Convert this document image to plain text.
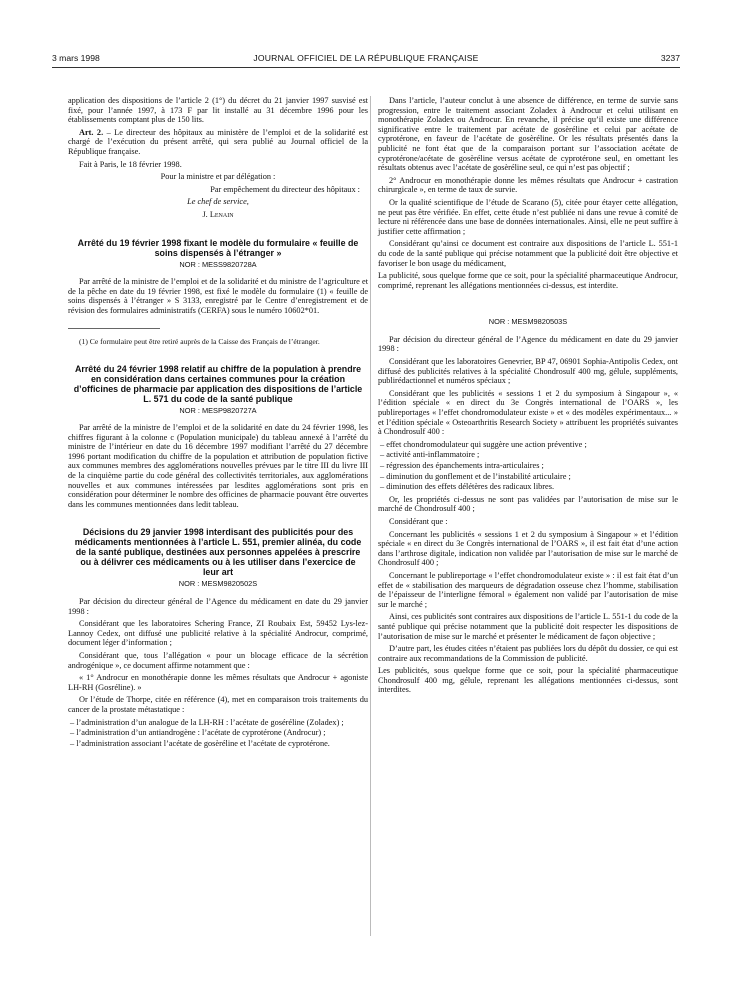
3 mars 1998	JOURNAL OFFICIEL DE LA RÉPUBLIQUE FRANÇAISE	3237

application des dispositions de l’article 2 (1°) du décret du 21 janvier 1997 susvisé est fixé, pour l’année 1997, à 173 F par lit installé au 31 décembre 1996 pour les établissements comptant plus de 150 lits.

Art. 2. – Le directeur des hôpitaux au ministère de l’emploi et de la solidarité est chargé de l’exécution du présent arrêté, qui sera publié au Journal officiel de la République française.

Fait à Paris, le 18 février 1998.

Pour la ministre et par délégation :

Par empêchement du directeur des hôpitaux :

Le chef de service,

J. Lenain

Arrêté du 19 février 1998 fixant le modèle du formulaire « feuille de soins dispensés à l’étranger »
NOR : MESS9820728A

Par arrêté de la ministre de l’emploi et de la solidarité et du ministre de l’agriculture et de la pêche en date du 19 février 1998, est fixé le modèle du formulaire (1) « feuille de soins dispensés à l’étranger » S 3133, enregistré par le Centre d’enregistrement et de révision des formulaires administratifs (CERFA) sous le numéro 10602*01.

(1) Ce formulaire peut être retiré auprès de la Caisse des Français de l’étranger.

Arrêté du 24 février 1998 relatif au chiffre de la population à prendre en considération dans certaines communes pour la création d’officines de pharmacie par application des dispositions de l’article L. 571 du code de la santé publique
NOR : MESP9820727A

Par arrêté de la ministre de l’emploi et de la solidarité en date du 24 février 1998, les chiffres figurant à la colonne c (Population municipale) du tableau annexé à l’arrêté du ministre de l’intérieur en date du 16 décembre 1997 modifiant l’arrêté du 27 décembre 1996 portant modification du chiffre de la population et attribution de population fictive aux communes membres des agglomérations nouvelles prévues par le titre III du livre III de la cinquième partie du code général des collectivités territoriales, aux agglomérations nouvelles et aux communes intéressées par lesdites agglomérations sont pris en considération pour déterminer le nombre des officines de pharmacie pouvant être ouvertes dans les communes mentionnées dans ledit tableau.

Décisions du 29 janvier 1998 interdisant des publicités pour des médicaments mentionnées à l’article L. 551, premier alinéa, du code de la santé publique, destinées aux personnes appelées à prescrire ou à délivrer ces médicaments ou à les utiliser dans l’exercice de leur art
NOR : MESM9820502S

Par décision du directeur général de l’Agence du médicament en date du 29 janvier 1998 :

Considérant que les laboratoires Schering France, ZI Roubaix Est, 59452 Lys-lez-Lannoy Cedex, ont diffusé une publicité relative à la spécialité Androcur, comprimé, document léger d’information ;

Considérant que, tous l’allégation « pour un blocage efficace de la sécrétion androgénique », ce document affirme notamment que :

« 1° Androcur en monothérapie donne les mêmes résultats que Androcur + agoniste LH-RH (Gosréline). »

Or l’étude de Thorpe, citée en référence (4), met en comparaison trois traitements du cancer de la prostate métastatique :

– l’administration d’un analogue de la LH-RH : l’acétate de goséréline (Zoladex) ;
– l’administration d’un antiandrogène : l’acétate de cyprotérone (Androcur) ;
– l’administration associant l’acétate de gosèréline et l’acétate de cyprotérone.

Dans l’article, l’auteur conclut à une absence de différence, en terme de survie sans progression, entre le traitement associant Zoladex à Androcur et celui utilisant en monothérapie Zoladex ou Androcur. En revanche, il précise qu’il existe une différence significative entre le traitement par acétate de gosèréline et celui par acétate de cyprotérone, en faveur de l’acétate de gosèréline. Or les résultats présentés dans la publicité ne font état que de la comparaison portant sur l’association acétate de cyprotérone/acétate de gosèréline versus acétate de cyprotérone seul, en omettant les résultats obtenus avec l’acétate de gosèréline seul, ce qui n’est pas objectif ;

2° Androcur en monothérapie donne les mêmes résultats que Androcur + castration chirurgicale », en terme de taux de survie.

Or la qualité scientifique de l’étude de Scarano (5), citée pour étayer cette allégation, ne peut pas être vérifiée. En effet, cette étude n’est publiée ni dans une revue à comité de lecture ni référencée dans une base de données internationales. Ainsi, elle ne peut suffire à justifier cette affirmation ;

Considérant qu’ainsi ce document est contraire aux dispositions de l’article L. 551-1 du code de la santé publique qui précise notamment que la publicité doit être objective et favoriser le bon usage du médicament,

La publicité, sous quelque forme que ce soit, pour la spécialité pharmaceutique Androcur, comprimé, reprenant les allégations mentionnées ci-dessus, est interdite.

NOR : MESM9820503S

Par décision du directeur général de l’Agence du médicament en date du 29 janvier 1998 :

Considérant que les laboratoires Genevrier, BP 47, 06901 Sophia-Antipolis Cedex, ont diffusé des publicités relatives à la spécialité Chondrosulf 400 mg, gélule, suppléments, publirédactionnel et numéros spéciaux ;

Considérant que les publicités « sessions 1 et 2 du symposium à Singapour », « l’édition spéciale « en direct du 3e Congrès international de l’OARS », les publireportages « l’effet chondromodulateur existe » et « des modèles expérimentaux... » et l’édition spéciale « Osteoarthritis Research Society » attribuent les propriétés suivantes à Chondrosulf 400 :

– effet chondromodulateur qui suggère une action préventive ;
– activité anti-inflammatoire ;
– régression des épanchements intra-articulaires ;
– diminution du gonflement et de l’instabilité articulaire ;
– diminution des effets délétères des radicaux libres.

Or, les propriétés ci-dessus ne sont pas validées par l’autorisation de mise sur le marché de Chondrosulf 400 ;

Considérant que :

Concernant les publicités « sessions 1 et 2 du symposium à Singapour » et l’édition spéciale « en direct du 3e Congrès international de l’OARS », il est fait état d’une action dans l’arthrose digitale, indication non validée par l’autorisation de mise sur le marché de Chondrosulf 400 ;

Concernant le publireportage « l’effet chondromodulateur existe » : il est fait état d’un effet de « stabilisation des marqueurs de dégradation osseuse chez l’homme, stabilisation de l’épaisseur de l’interligne fémoral » également non validé par l’autorisation de mise sur le marché ;

Ainsi, ces publicités sont contraires aux dispositions de l’article L. 551-1 du code de la santé publique qui précise notamment que la publicité doit respecter les dispositions de l’autorisation de mise sur le marché et présenter le médicament de façon objective ;

D’autre part, les études citées n’étaient pas publiées lors du dépôt du dossier, ce qui est contraire aux recommandations de la Commission de publicité.

Les publicités, sous quelque forme que ce soit, pour la spécialité pharmaceutique Chondrosulf 400 mg, gélule, reprenant les allégations mentionnées ci-dessus, sont interdites.
